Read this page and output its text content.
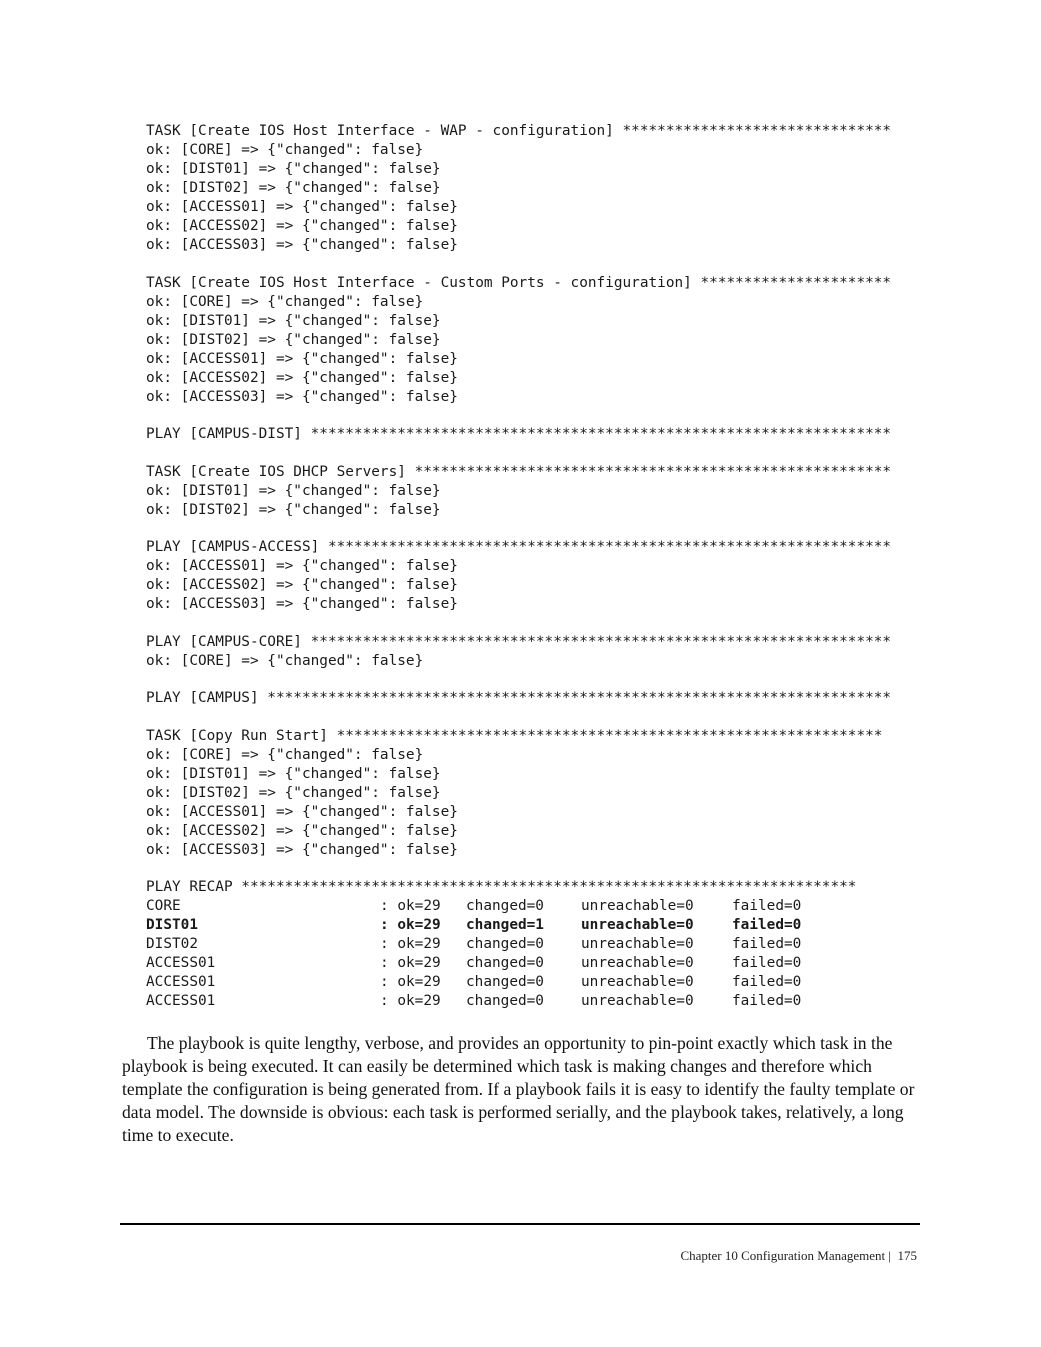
TASK [Create IOS Host Interface - WAP - configuration] *******************************
ok: [CORE] => {"changed": false}
ok: [DIST01] => {"changed": false}
ok: [DIST02] => {"changed": false}
ok: [ACCESS01] => {"changed": false}
ok: [ACCESS02] => {"changed": false}
ok: [ACCESS03] => {"changed": false}
TASK [Create IOS Host Interface - Custom Ports - configuration] **********************
ok: [CORE] => {"changed": false}
ok: [DIST01] => {"changed": false}
ok: [DIST02] => {"changed": false}
ok: [ACCESS01] => {"changed": false}
ok: [ACCESS02] => {"changed": false}
ok: [ACCESS03] => {"changed": false}
PLAY [CAMPUS-DIST] *******************************************************************
TASK [Create IOS DHCP Servers] *******************************************************
ok: [DIST01] => {"changed": false}
ok: [DIST02] => {"changed": false}
PLAY [CAMPUS-ACCESS] *****************************************************************
ok: [ACCESS01] => {"changed": false}
ok: [ACCESS02] => {"changed": false}
ok: [ACCESS03] => {"changed": false}
PLAY [CAMPUS-CORE] *******************************************************************
ok: [CORE] => {"changed": false}
PLAY [CAMPUS] ************************************************************************
TASK [Copy Run Start] ***************************************************************
ok: [CORE] => {"changed": false}
ok: [DIST01] => {"changed": false}
ok: [DIST02] => {"changed": false}
ok: [ACCESS01] => {"changed": false}
ok: [ACCESS02] => {"changed": false}
ok: [ACCESS03] => {"changed": false}
PLAY RECAP ***********************************************************************
CORE	: ok=29 changed=0	unreachable=0	failed=0
DIST01	: ok=29 changed=1	unreachable=0	failed=0
DIST02	: ok=29 changed=0	unreachable=0	failed=0
ACCESS01	: ok=29 changed=0	unreachable=0	failed=0
ACCESS01	: ok=29 changed=0	unreachable=0	failed=0
ACCESS01	: ok=29 changed=0	unreachable=0	failed=0

The playbook is quite lengthy, verbose, and provides an opportunity to pin-point exactly which task in the playbook is being executed. It can easily be determined which task is making changes and therefore which template the configuration is being generated from. If a playbook fails it is easy to identify the faulty template or data model. The downside is obvious: each task is performed serially, and the playbook takes, relatively, a long time to execute.

Chapter 10 Configuration Management | 175
